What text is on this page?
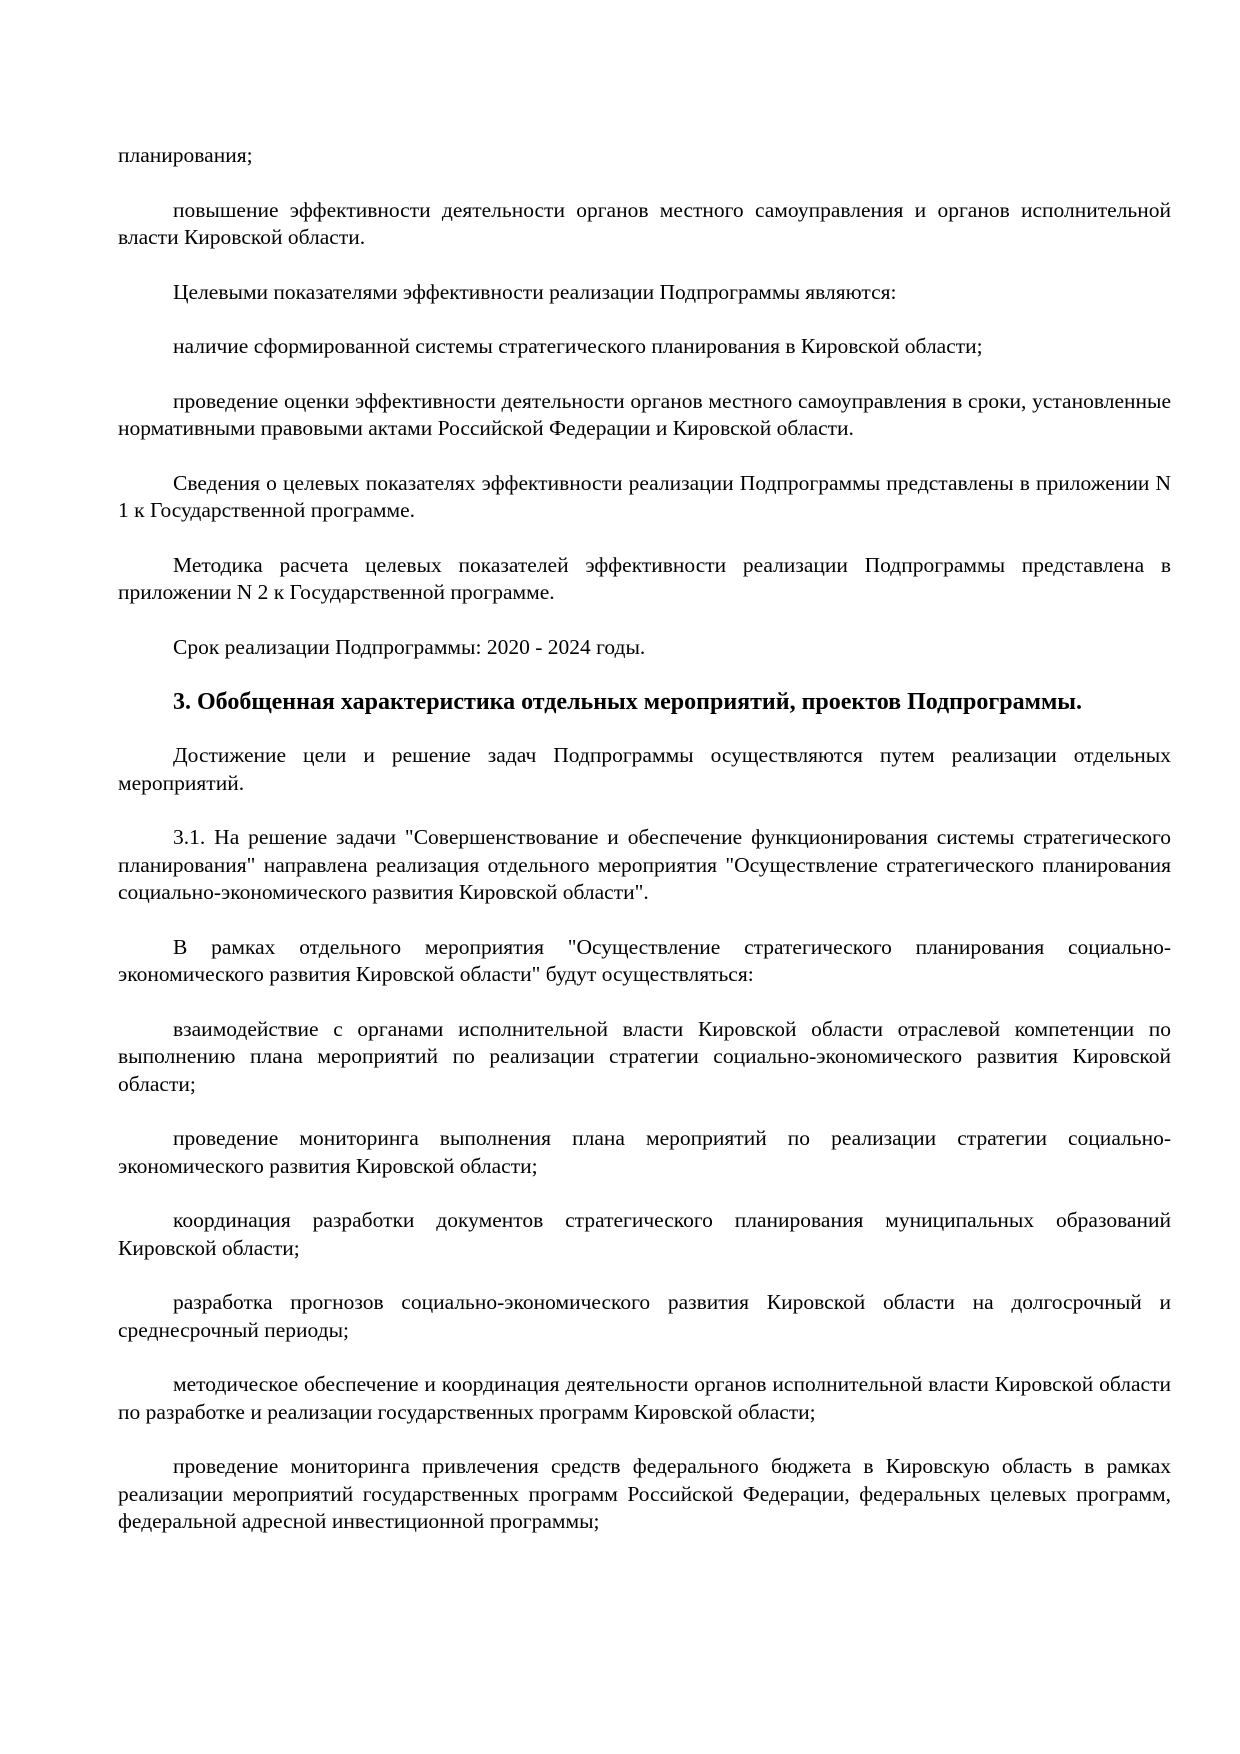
планирования;

повышение эффективности деятельности органов местного самоуправления и органов исполнительной власти Кировской области.

Целевыми показателями эффективности реализации Подпрограммы являются:

наличие сформированной системы стратегического планирования в Кировской области;

проведение оценки эффективности деятельности органов местного самоуправления в сроки, установленные нормативными правовыми актами Российской Федерации и Кировской области.

Сведения о целевых показателях эффективности реализации Подпрограммы представлены в приложении N 1 к Государственной программе.

Методика расчета целевых показателей эффективности реализации Подпрограммы представлена в приложении N 2 к Государственной программе.

Срок реализации Подпрограммы: 2020 - 2024 годы.

3. Обобщенная характеристика отдельных мероприятий, проектов Подпрограммы.

Достижение цели и решение задач Подпрограммы осуществляются путем реализации отдельных мероприятий.

3.1. На решение задачи "Совершенствование и обеспечение функционирования системы стратегического планирования" направлена реализация отдельного мероприятия "Осуществление стратегического планирования социально-экономического развития Кировской области".

В рамках отдельного мероприятия "Осуществление стратегического планирования социально-экономического развития Кировской области" будут осуществляться:

взаимодействие с органами исполнительной власти Кировской области отраслевой компетенции по выполнению плана мероприятий по реализации стратегии социально-экономического развития Кировской области;

проведение мониторинга выполнения плана мероприятий по реализации стратегии социально-экономического развития Кировской области;

координация разработки документов стратегического планирования муниципальных образований Кировской области;

разработка прогнозов социально-экономического развития Кировской области на долгосрочный и среднесрочный периоды;

методическое обеспечение и координация деятельности органов исполнительной власти Кировской области по разработке и реализации государственных программ Кировской области;

проведение мониторинга привлечения средств федерального бюджета в Кировскую область в рамках реализации мероприятий государственных программ Российской Федерации, федеральных целевых программ, федеральной адресной инвестиционной программы;
